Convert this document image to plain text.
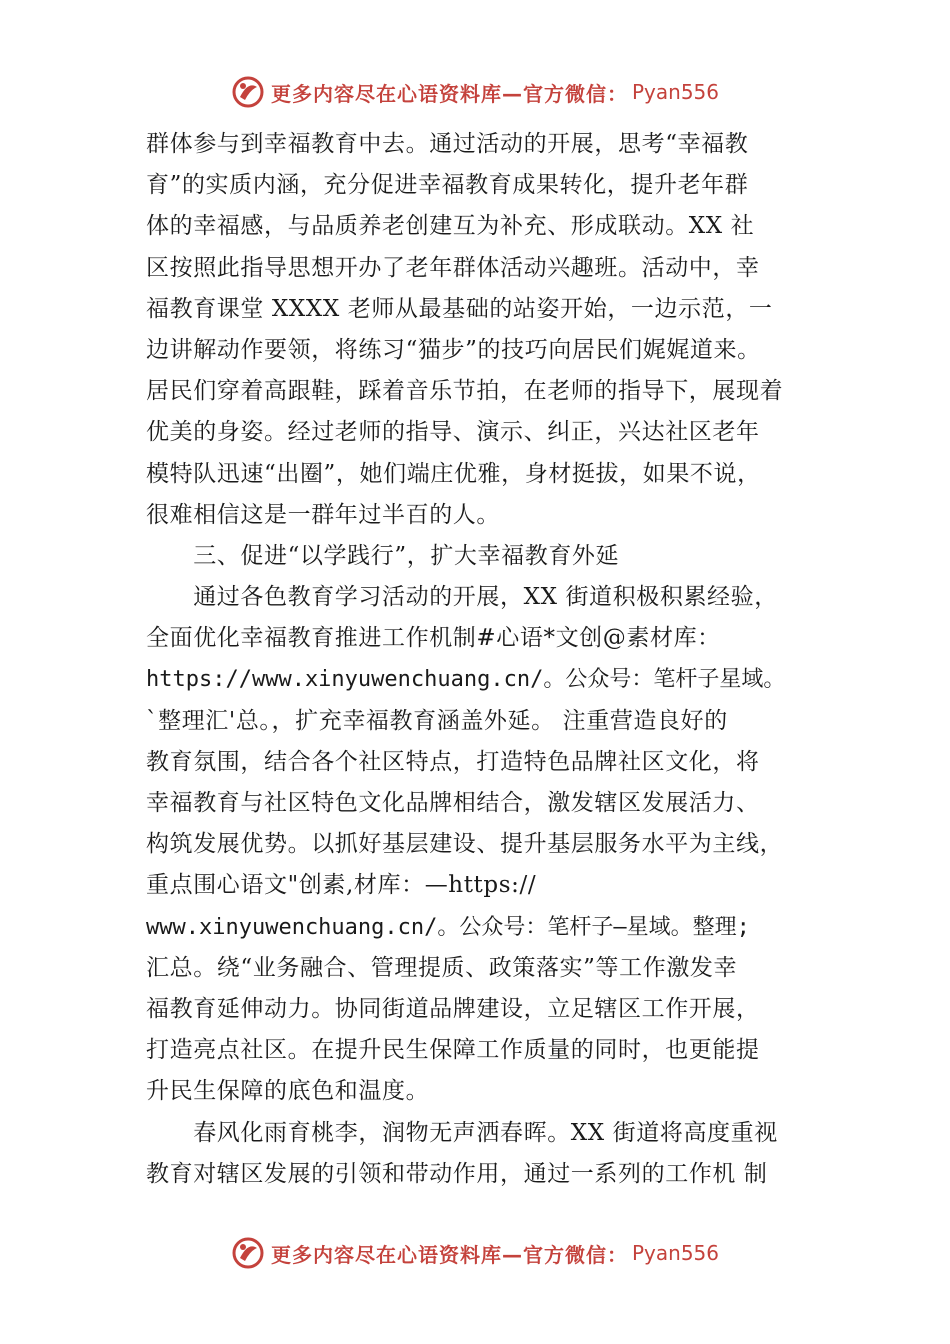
更多内容尽在心语资料库—官方微信： Pyan556
群体参与到幸福教育中去。通过活动的开展，思考“幸福教
育”的实质内涵，充分促进幸福教育成果转化，提升老年群
体的幸福感，与品质养老创建互为补充、形成联动。XX 社
区按照此指导思想开办了老年群体活动兴趣班。活动中，幸
福教育课堂 XXXX 老师从最基础的站姿开始，一边示范，一
边讲解动作要领，将练习“猫步”的技巧向居民们娓娓道来。
居民们穿着高跟鞋，踩着音乐节拍，在老师的指导下，展现着
优美的身姿。经过老师的指导、演示、纠正，兴达社区老年
模特队迅速“出圈”，她们端庄优雅，身材挺拔，如果不说，
很难相信这是一群年过半百的人。
　　三、促进“以学践行”，扩大幸福教育外延
　　通过各色教育学习活动的开展，XX 街道积极积累经验，
全面优化幸福教育推进工作机制#心语*文创@素材库：
https://www.xinyuwenchuang.cn/。公众号：笔杆子星域。
`整理汇'总。，扩充幸福教育涵盖外延。 注重营造良好的
教育氛围，结合各个社区特点，打造特色品牌社区文化，将
幸福教育与社区特色文化品牌相结合，激发辖区发展活力、
构筑发展优势。以抓好基层建设、提升基层服务水平为主线，
重点围心语文"创素,材库：—https://
www.xinyuwenchuang.cn/。公众号：笔杆子—星域。整理;
汇总。绕“业务融合、管理提质、政策落实”等工作激发幸
福教育延伸动力。协同街道品牌建设，立足辖区工作开展，
打造亮点社区。在提升民生保障工作质量的同时，也更能提
升民生保障的底色和温度。
　　春风化雨育桃李，润物无声洒春晖。XX 街道将高度重视
教育对辖区发展的引领和带动作用，通过一系列的工作机 制
更多内容尽在心语资料库—官方微信： Pyan556
